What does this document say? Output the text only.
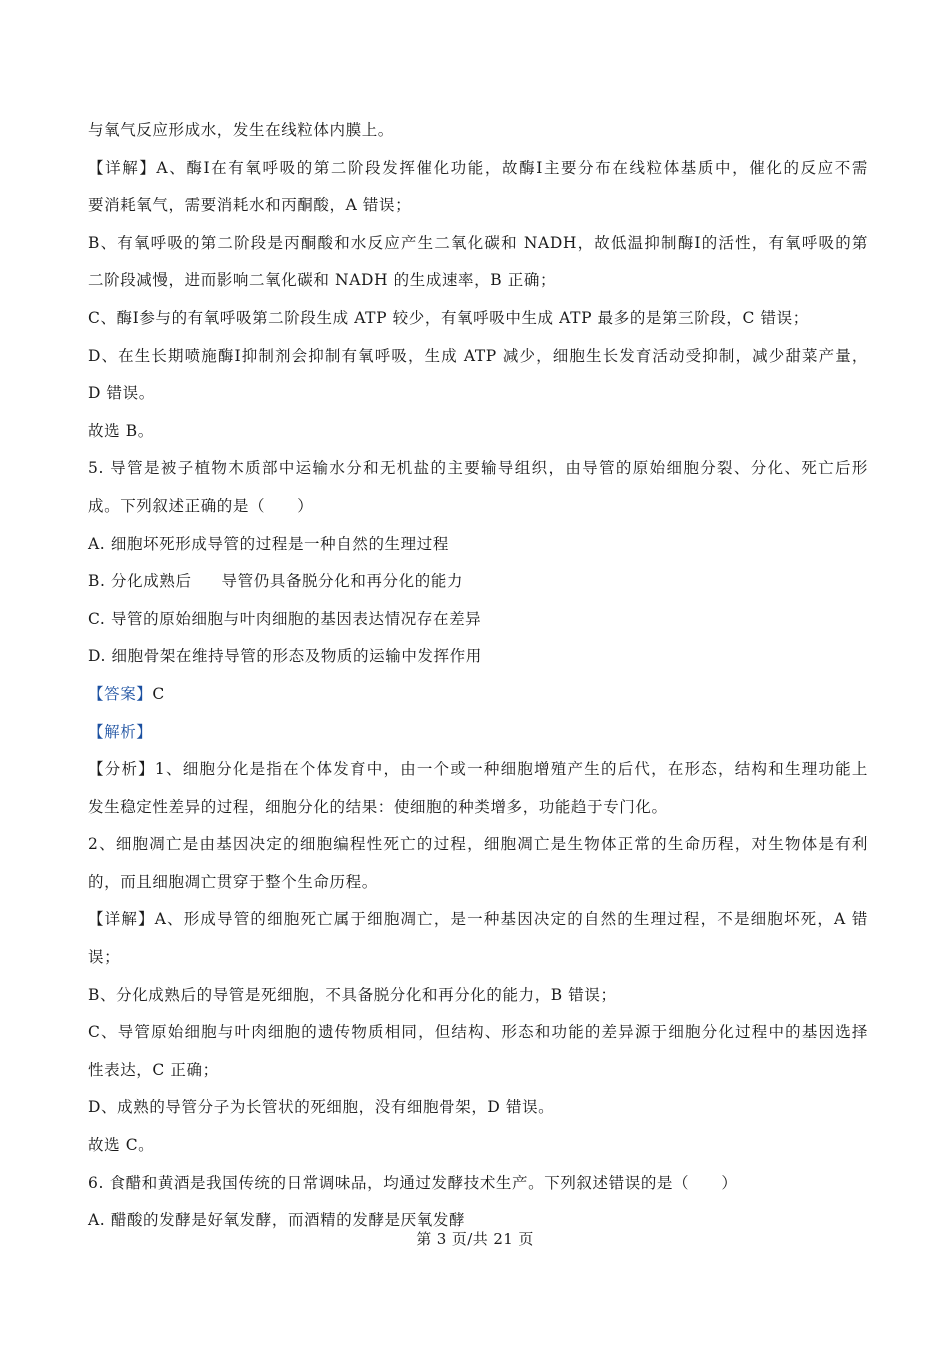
与氧气反应形成水，发生在线粒体内膜上。
【详解】A、酶Ⅰ在有氧呼吸的第二阶段发挥催化功能，故酶Ⅰ主要分布在线粒体基质中，催化的反应不需
要消耗氧气，需要消耗水和丙酮酸，A 错误；
B、有氧呼吸的第二阶段是丙酮酸和水反应产生二氧化碳和 NADH，故低温抑制酶Ⅰ的活性，有氧呼吸的第
二阶段减慢，进而影响二氧化碳和 NADH 的生成速率，B 正确；
C、酶Ⅰ参与的有氧呼吸第二阶段生成 ATP 较少，有氧呼吸中生成 ATP 最多的是第三阶段，C 错误；
D、在生长期喷施酶Ⅰ抑制剂会抑制有氧呼吸，生成 ATP 减少，细胞生长发育活动受抑制，减少甜菜产量，
D 错误。
故选 B。
5. 导管是被子植物木质部中运输水分和无机盐的主要输导组织，由导管的原始细胞分裂、分化、死亡后形
成。下列叙述正确的是（　　）
A. 细胞坏死形成导管的过程是一种自然的生理过程
B. 分化成熟后 导管仍具备脱分化和再分化的能力
C. 导管的原始细胞与叶肉细胞的基因表达情况存在差异
D. 细胞骨架在维持导管的形态及物质的运输中发挥作用
【答案】C
【解析】
【分析】1、细胞分化是指在个体发育中，由一个或一种细胞增殖产生的后代，在形态，结构和生理功能上
发生稳定性差异的过程，细胞分化的结果：使细胞的种类增多，功能趋于专门化。
2、细胞凋亡是由基因决定的细胞编程性死亡的过程，细胞凋亡是生物体正常的生命历程，对生物体是有利
的，而且细胞凋亡贯穿于整个生命历程。
【详解】A、形成导管的细胞死亡属于细胞凋亡，是一种基因决定的自然的生理过程，不是细胞坏死，A 错
误；
B、分化成熟后的导管是死细胞，不具备脱分化和再分化的能力，B 错误；
C、导管原始细胞与叶肉细胞的遗传物质相同，但结构、形态和功能的差异源于细胞分化过程中的基因选择
性表达，C 正确；
D、成熟的导管分子为长管状的死细胞，没有细胞骨架，D 错误。
故选 C。
6. 食醋和黄酒是我国传统的日常调味品，均通过发酵技术生产。下列叙述错误的是（　　）
A. 醋酸的发酵是好氧发酵，而酒精的发酵是厌氧发酵
第 3 页/共 21 页
